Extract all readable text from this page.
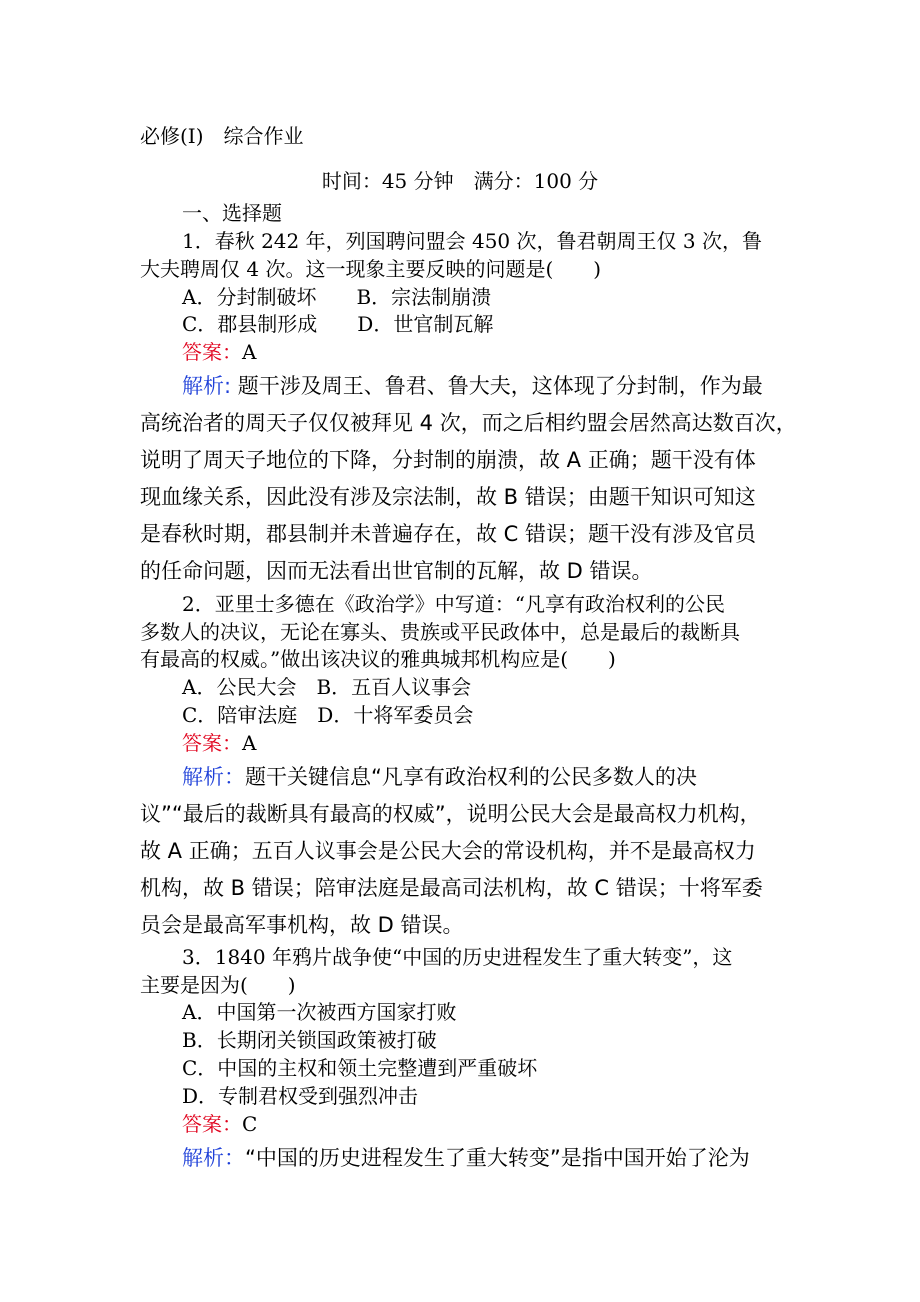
必修(Ⅰ)　综合作业
时间：45 分钟　满分：100 分
一、选择题
1．春秋 242 年，列国聘问盟会 450 次，鲁君朝周王仅 3 次，鲁
大夫聘周仅 4 次。这一现象主要反映的问题是(　　)
A．分封制破坏　　B．宗法制崩溃
C．郡县制形成　　D．世官制瓦解
答案：A
解析: 题干涉及周王、鲁君、鲁大夫，这体现了分封制，作为最
高统治者的周天子仅仅被拜见 4 次，而之后相约盟会居然高达数百次，
说明了周天子地位的下降，分封制的崩溃，故 A 正确；题干没有体
现血缘关系，因此没有涉及宗法制，故 B 错误；由题干知识可知这
是春秋时期，郡县制并未普遍存在，故 C 错误；题干没有涉及官员
的任命问题，因而无法看出世官制的瓦解，故 D 错误。
2．亚里士多德在《政治学》中写道：“凡享有政治权利的公民
多数人的决议，无论在寡头、贵族或平民政体中，总是最后的裁断具
有最高的权威。”做出该决议的雅典城邦机构应是(　　)
A．公民大会　B．五百人议事会
C．陪审法庭　D．十将军委员会
答案：A
解析：题干关键信息“凡享有政治权利的公民多数人的决
议”“最后的裁断具有最高的权威”，说明公民大会是最高权力机构，
故 A 正确；五百人议事会是公民大会的常设机构，并不是最高权力
机构，故 B 错误；陪审法庭是最高司法机构，故 C 错误；十将军委
员会是最高军事机构，故 D 错误。
3．1840 年鸦片战争使“中国的历史进程发生了重大转变”，这
主要是因为(　　)
A．中国第一次被西方国家打败
B．长期闭关锁国政策被打破
C．中国的主权和领土完整遭到严重破坏
D．专制君权受到强烈冲击
答案：C
解析：“中国的历史进程发生了重大转变”是指中国开始了沦为
